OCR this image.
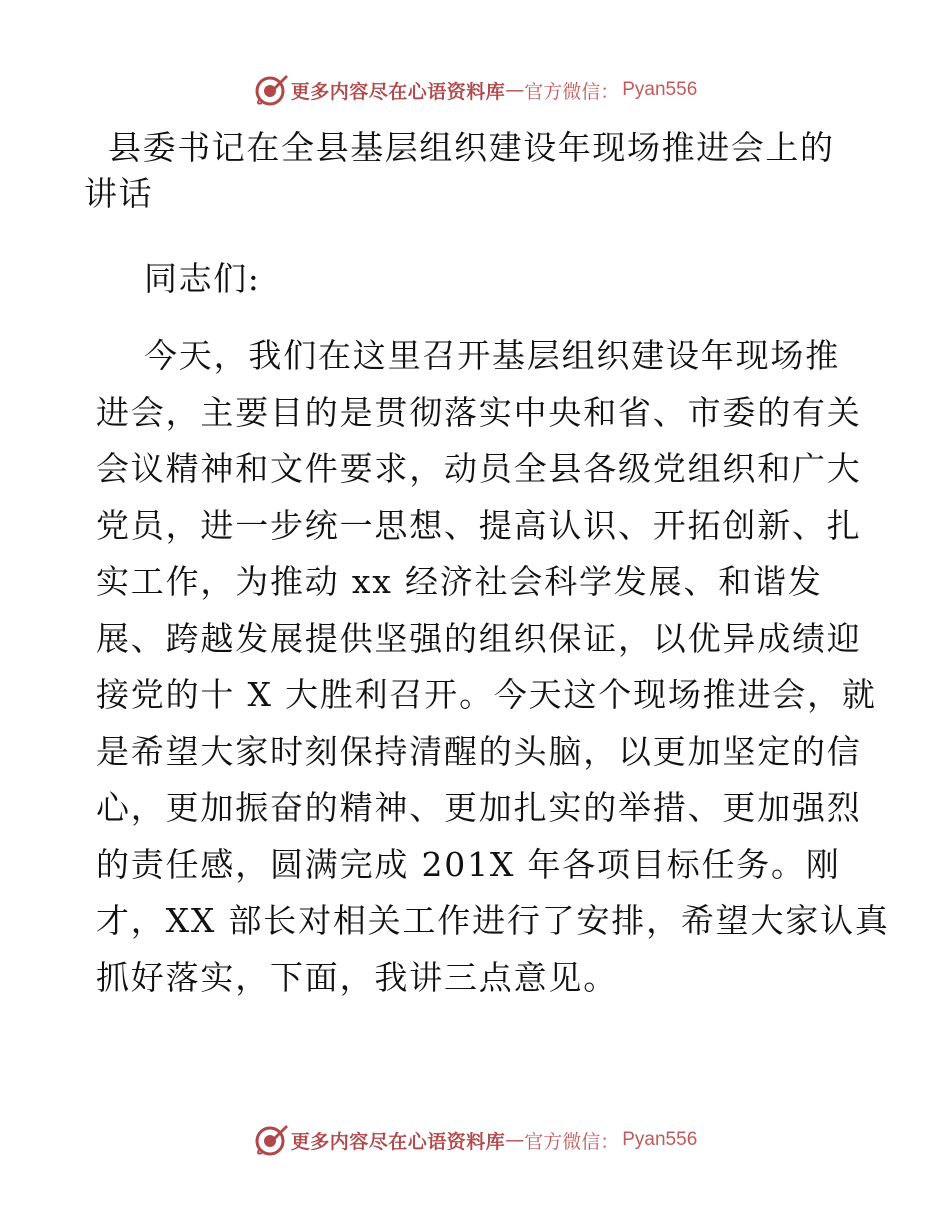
更多内容尽在心语资料库 — 官方微信： Pyan556
县委书记在全县基层组织建设年现场推进会上的
讲话
同志们:
今天，我们在这里召开基层组织建设年现场推
进会，主要目的是贯彻落实中央和省、市委的有关
会议精神和文件要求，动员全县各级党组织和广大
党员，进一步统一思想、提高认识、开拓创新、扎
实工作，为推动 xx 经济社会科学发展、和谐发
展、跨越发展提供坚强的组织保证，以优异成绩迎
接党的十 X 大胜利召开。今天这个现场推进会，就
是希望大家时刻保持清醒的头脑，以更加坚定的信
心，更加振奋的精神、更加扎实的举措、更加强烈
的责任感，圆满完成 201X 年各项目标任务。刚
才，XX 部长对相关工作进行了安排，希望大家认真
抓好落实，下面，我讲三点意见。
更多内容尽在心语资料库 — 官方微信： Pyan556
